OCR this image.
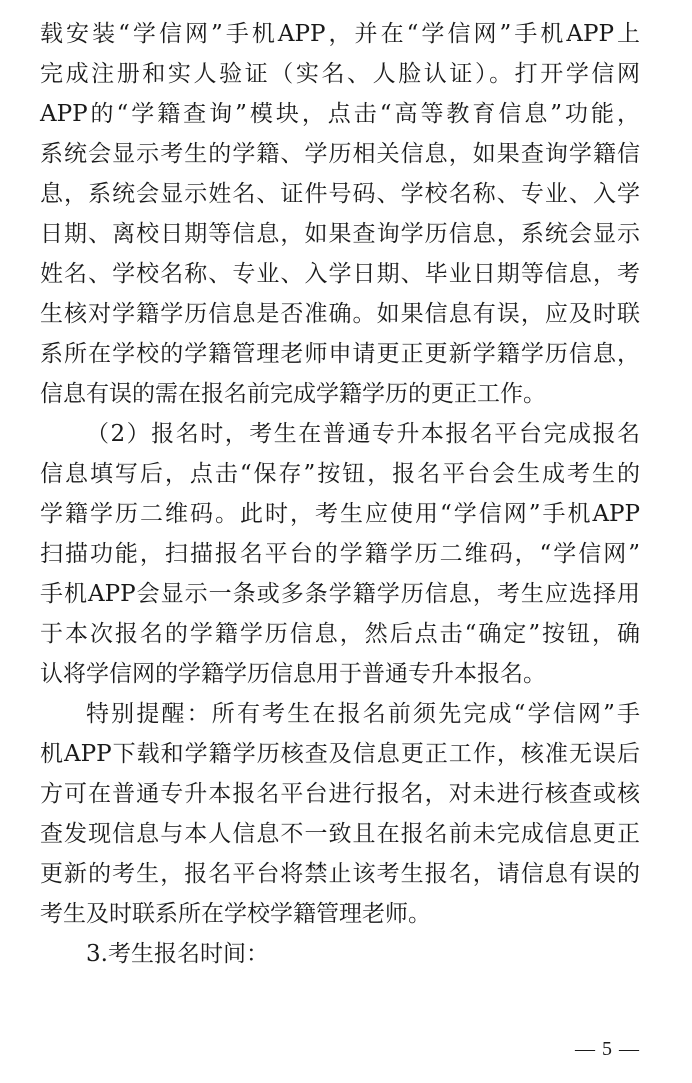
载安装“学信网”手机APP，并在“学信网”手机APP上
完成注册和实人验证（实名、人脸认证）。打开学信网
APP的“学籍查询”模块，点击“高等教育信息”功能，
系统会显示考生的学籍、学历相关信息，如果查询学籍信
息，系统会显示姓名、证件号码、学校名称、专业、入学
日期、离校日期等信息，如果查询学历信息，系统会显示
姓名、学校名称、专业、入学日期、毕业日期等信息，考
生核对学籍学历信息是否准确。如果信息有误，应及时联
系所在学校的学籍管理老师申请更正更新学籍学历信息，
信息有误的需在报名前完成学籍学历的更正工作。
（2）报名时，考生在普通专升本报名平台完成报名
信息填写后，点击“保存”按钮，报名平台会生成考生的
学籍学历二维码。此时，考生应使用“学信网”手机APP
扫描功能，扫描报名平台的学籍学历二维码，“学信网”
手机APP会显示一条或多条学籍学历信息，考生应选择用
于本次报名的学籍学历信息，然后点击“确定”按钮，确
认将学信网的学籍学历信息用于普通专升本报名。
特别提醒：所有考生在报名前须先完成“学信网”手
机APP下载和学籍学历核查及信息更正工作，核准无误后
方可在普通专升本报名平台进行报名，对未进行核查或核
查发现信息与本人信息不一致且在报名前未完成信息更正
更新的考生，报名平台将禁止该考生报名，请信息有误的
考生及时联系所在学校学籍管理老师。
3.考生报名时间：
— 5 —
